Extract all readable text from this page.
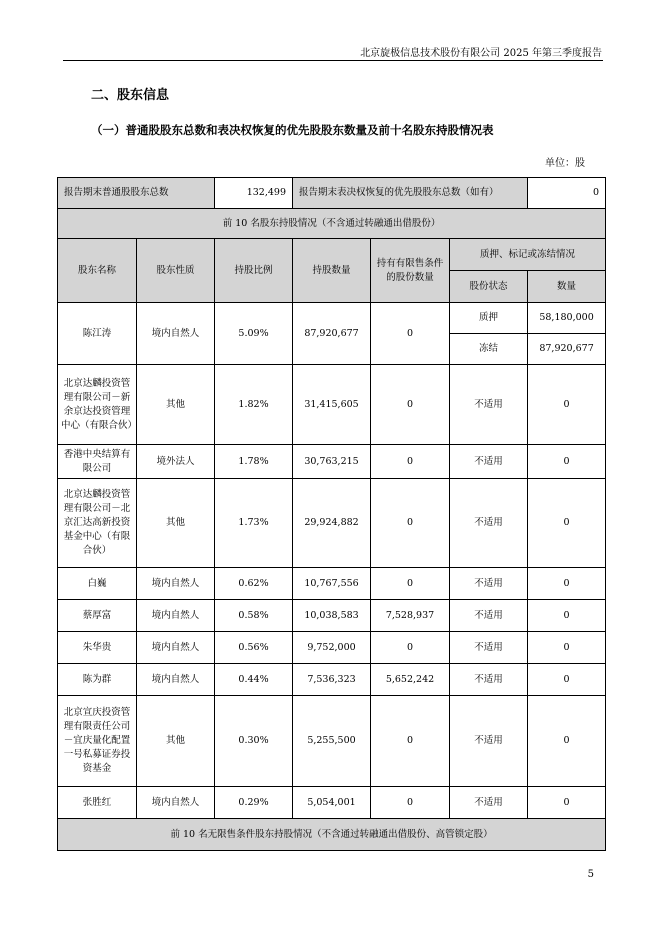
北京旋极信息技术股份有限公司 2025 年第三季度报告
二、股东信息
（一）普通股股东总数和表决权恢复的优先股股东数量及前十名股东持股情况表
单位：股
报告期末普通股股东总数		132,499	报告期末表决权恢复的优先股股东总数（如有）			0
前 10 名股东持股情况（不含通过转融通出借股份）						
股东名称	股东性质	持股比例	持股数量	持有有限售条件的股份数量	质押、标记或冻结情况	
					股份状态	数量
陈江涛	境内自然人	5.09%	87,920,677	0	质押	58,180,000
					冻结	87,920,677
北京达麟投资管理有限公司－新余京达投资管理中心（有限合伙）	其他	1.82%	31,415,605	0	不适用	0
香港中央结算有限公司	境外法人	1.78%	30,763,215	0	不适用	0
北京达麟投资管理有限公司－北京汇达高新投资基金中心（有限合伙）	其他	1.73%	29,924,882	0	不适用	0
白巍	境内自然人	0.62%	10,767,556	0	不适用	0
蔡厚富	境内自然人	0.58%	10,038,583	7,528,937	不适用	0
朱华贵	境内自然人	0.56%	9,752,000	0	不适用	0
陈为群	境内自然人	0.44%	7,536,323	5,652,242	不适用	0
北京宣庆投资管理有限责任公司－宜庆量化配置一号私募证券投资基金	其他	0.30%	5,255,500	0	不适用	0
张胜红	境内自然人	0.29%	5,054,001	0	不适用	0
前 10 名无限售条件股东持股情况（不含通过转融通出借股份、高管锁定股）						
5
